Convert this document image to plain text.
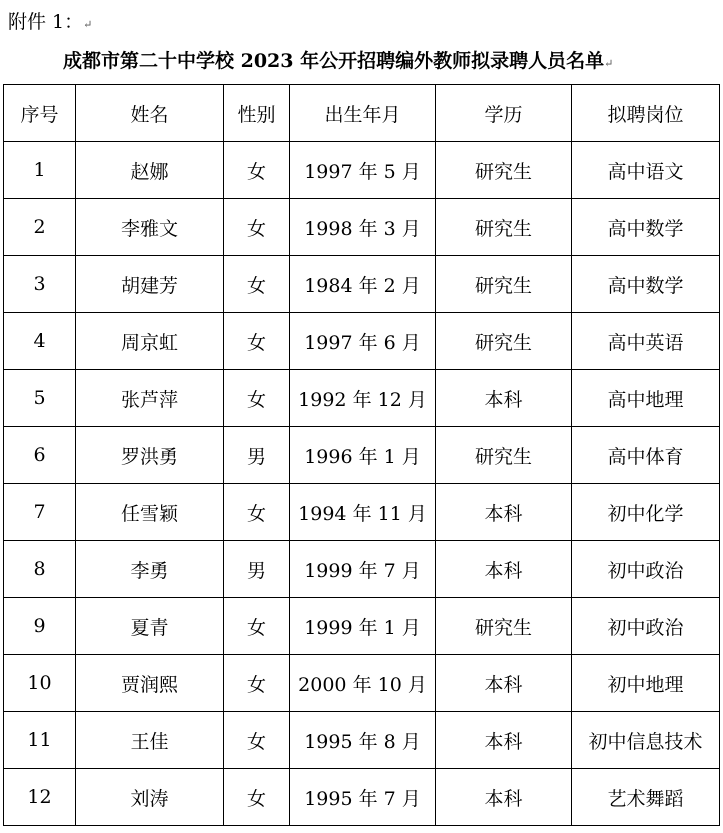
附件 1：↵
成都市第二十中学校 2023 年公开招聘编外教师拟录聘人员名单↵
序号	姓名	性别	出生年月	学历	拟聘岗位
1	赵娜	女	1997 年 5 月	研究生	高中语文
2	李雅文	女	1998 年 3 月	研究生	高中数学
3	胡建芳	女	1984 年 2 月	研究生	高中数学
4	周京虹	女	1997 年 6 月	研究生	高中英语
5	张芦萍	女	1992 年 12 月	本科	高中地理
6	罗洪勇	男	1996 年 1 月	研究生	高中体育
7	任雪颖	女	1994 年 11 月	本科	初中化学
8	李勇	男	1999 年 7 月	本科	初中政治
9	夏青	女	1999 年 1 月	研究生	初中政治
10	贾润熙	女	2000 年 10 月	本科	初中地理
11	王佳	女	1995 年 8 月	本科	初中信息技术
12	刘涛	女	1995 年 7 月	本科	艺术舞蹈
